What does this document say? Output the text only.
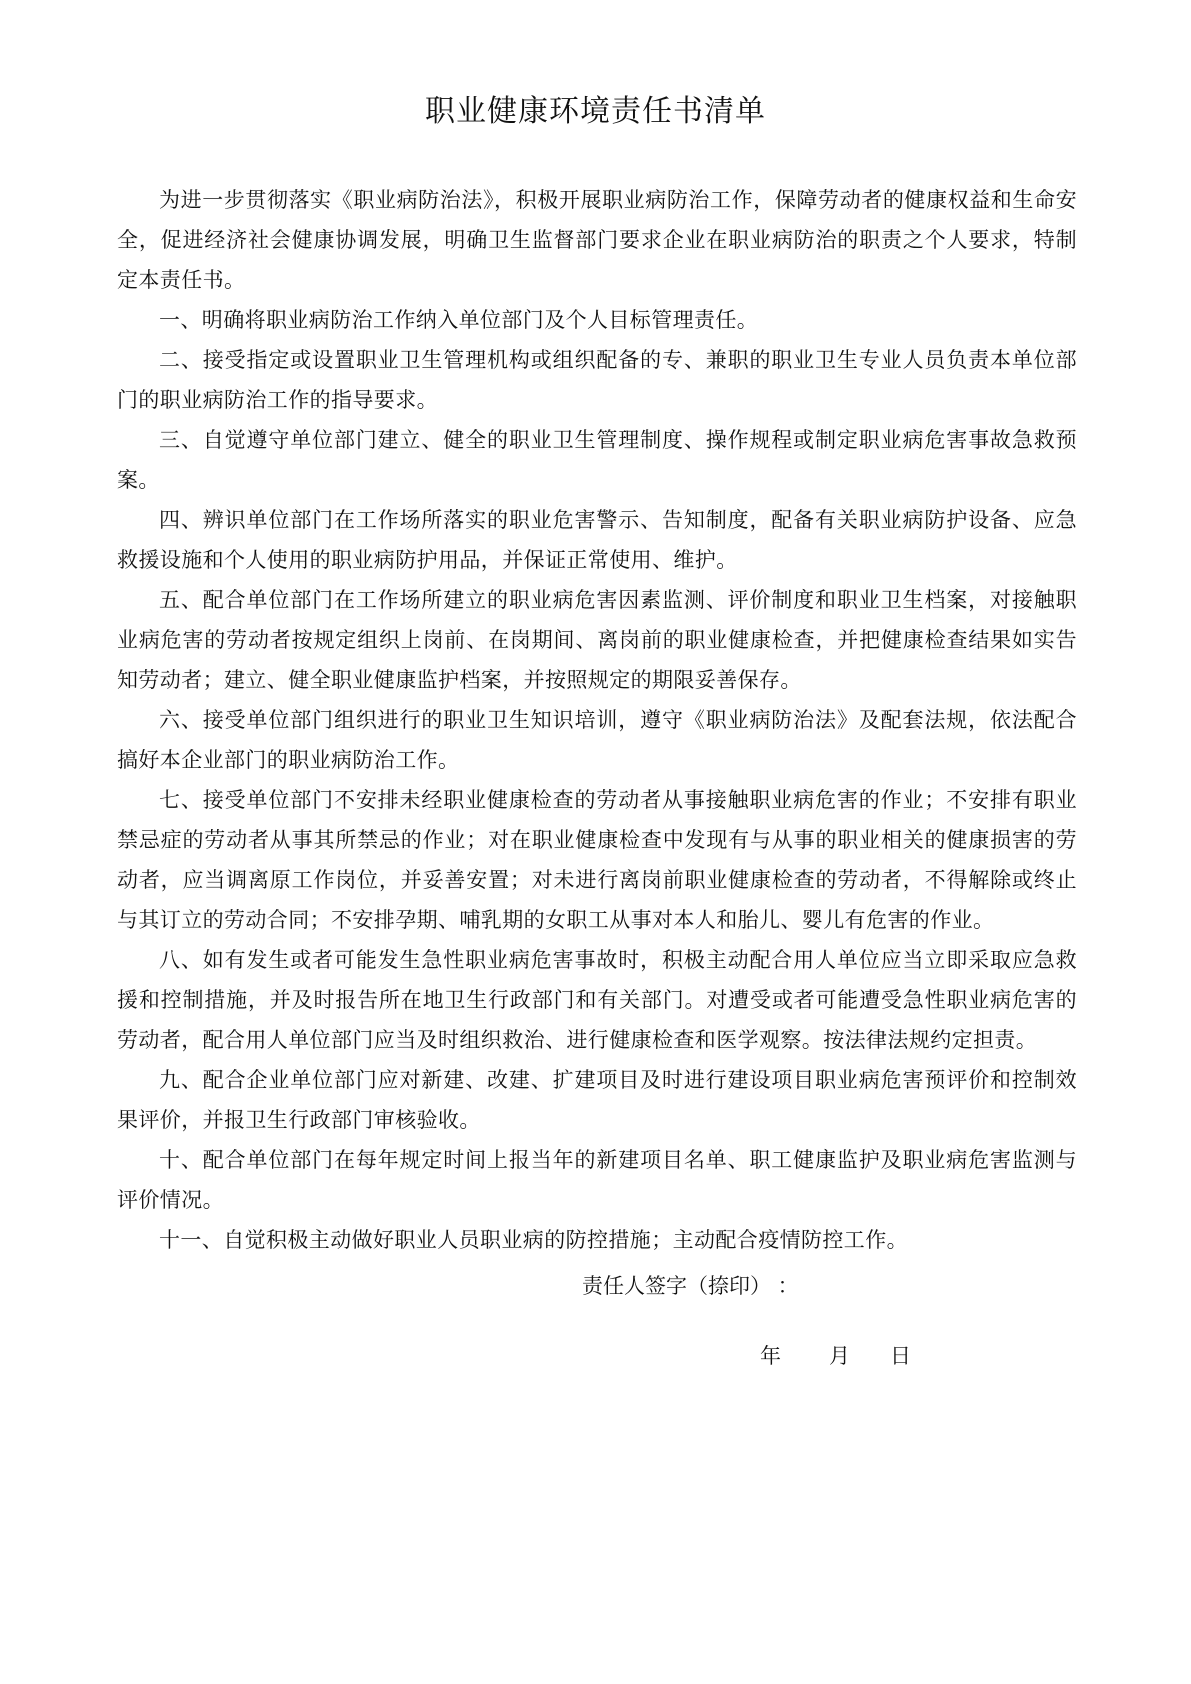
职业健康环境责任书清单

为进一步贯彻落实《职业病防治法》，积极开展职业病防治工作，保障劳动者的健康权益和生命安全，促进经济社会健康协调发展，明确卫生监督部门要求企业在职业病防治的职责之个人要求，特制定本责任书。

一、明确将职业病防治工作纳入单位部门及个人目标管理责任。

二、接受指定或设置职业卫生管理机构或组织配备的专、兼职的职业卫生专业人员负责本单位部门的职业病防治工作的指导要求。

三、自觉遵守单位部门建立、健全的职业卫生管理制度、操作规程或制定职业病危害事故急救预案。

四、辨识单位部门在工作场所落实的职业危害警示、告知制度，配备有关职业病防护设备、应急救援设施和个人使用的职业病防护用品，并保证正常使用、维护。

五、配合单位部门在工作场所建立的职业病危害因素监测、评价制度和职业卫生档案，对接触职业病危害的劳动者按规定组织上岗前、在岗期间、离岗前的职业健康检查，并把健康检查结果如实告知劳动者；建立、健全职业健康监护档案，并按照规定的期限妥善保存。

六、接受单位部门组织进行的职业卫生知识培训，遵守《职业病防治法》及配套法规，依法配合搞好本企业部门的职业病防治工作。

七、接受单位部门不安排未经职业健康检查的劳动者从事接触职业病危害的作业；不安排有职业禁忌症的劳动者从事其所禁忌的作业；对在职业健康检查中发现有与从事的职业相关的健康损害的劳动者，应当调离原工作岗位，并妥善安置；对未进行离岗前职业健康检查的劳动者，不得解除或终止与其订立的劳动合同；不安排孕期、哺乳期的女职工从事对本人和胎儿、婴儿有危害的作业。

八、如有发生或者可能发生急性职业病危害事故时，积极主动配合用人单位应当立即采取应急救援和控制措施，并及时报告所在地卫生行政部门和有关部门。对遭受或者可能遭受急性职业病危害的劳动者，配合用人单位部门应当及时组织救治、进行健康检查和医学观察。按法律法规约定担责。

九、配合企业单位部门应对新建、改建、扩建项目及时进行建设项目职业病危害预评价和控制效果评价，并报卫生行政部门审核验收。

十、配合单位部门在每年规定时间上报当年的新建项目名单、职工健康监护及职业病危害监测与评价情况。

十一、自觉积极主动做好职业人员职业病的防控措施；主动配合疫情防控工作。

责任人签字（捺印） ：
年 月 日
